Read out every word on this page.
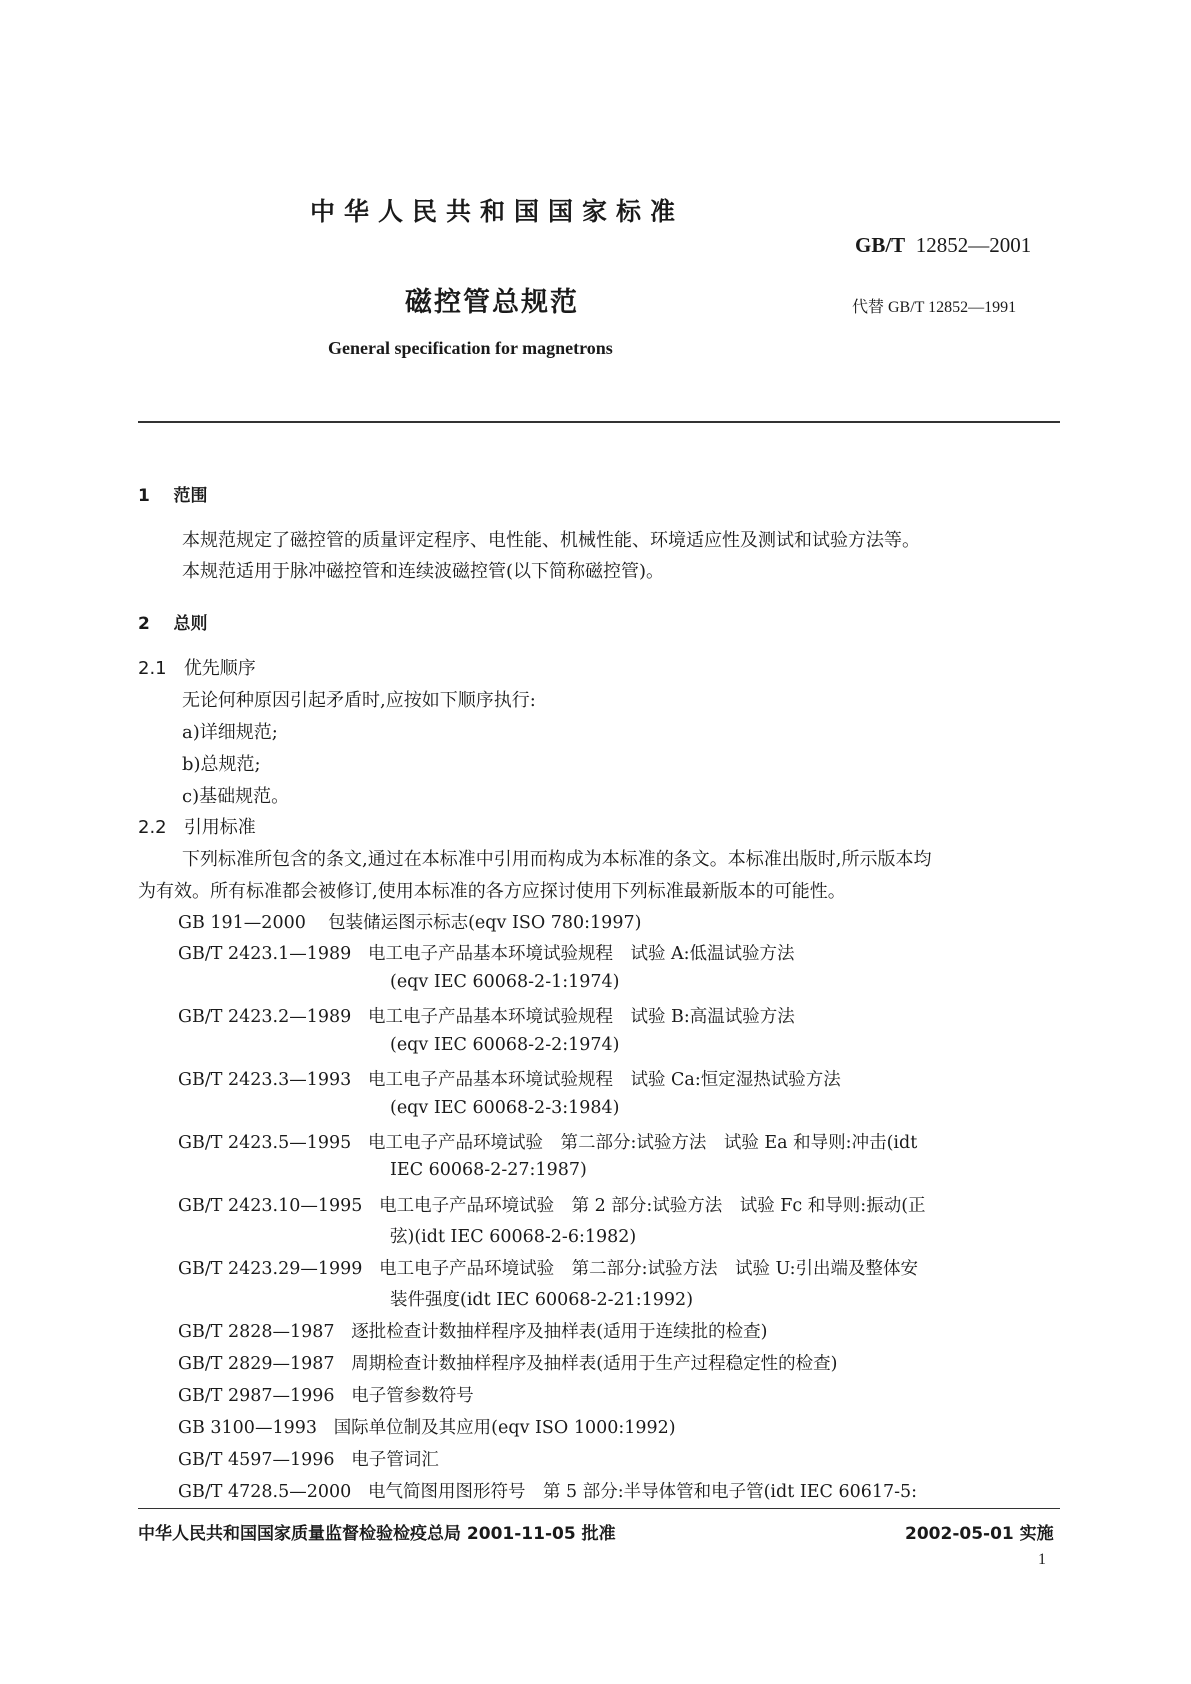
中华人民共和国国家标准
GB/T 12852—2001
磁控管总规范	代替 GB/T 12852—1991
General specification for magnetrons
1 范围
本规范规定了磁控管的质量评定程序、电性能、机械性能、环境适应性及测试和试验方法等。
本规范适用于脉冲磁控管和连续波磁控管(以下简称磁控管)。
2 总则
2.1 优先顺序
无论何种原因引起矛盾时,应按如下顺序执行:
a)详细规范;
b)总规范;
c)基础规范。
2.2 引用标准
下列标准所包含的条文,通过在本标准中引用而构成为本标准的条文。本标准出版时,所示版本均
为有效。所有标准都会被修订,使用本标准的各方应探讨使用下列标准最新版本的可能性。
GB 191—2000 包装储运图示标志(eqv ISO 780:1997)
GB/T 2423.1—1989 电工电子产品基本环境试验规程　试验 A:低温试验方法
(eqv IEC 60068-2-1:1974)
GB/T 2423.2—1989 电工电子产品基本环境试验规程　试验 B:高温试验方法
(eqv IEC 60068-2-2:1974)
GB/T 2423.3—1993 电工电子产品基本环境试验规程　试验 Ca:恒定湿热试验方法
(eqv IEC 60068-2-3:1984)
GB/T 2423.5—1995 电工电子产品环境试验　第二部分:试验方法　试验 Ea 和导则:冲击(idt
IEC 60068-2-27:1987)
GB/T 2423.10—1995 电工电子产品环境试验　第 2 部分:试验方法　试验 Fc 和导则:振动(正
弦)(idt IEC 60068-2-6:1982)
GB/T 2423.29—1999 电工电子产品环境试验　第二部分:试验方法　试验 U:引出端及整体安
装件强度(idt IEC 60068-2-21:1992)
GB/T 2828—1987 逐批检查计数抽样程序及抽样表(适用于连续批的检查)
GB/T 2829—1987 周期检查计数抽样程序及抽样表(适用于生产过程稳定性的检查)
GB/T 2987—1996 电子管参数符号
GB 3100—1993 国际单位制及其应用(eqv ISO 1000:1992)
GB/T 4597—1996 电子管词汇
GB/T 4728.5—2000 电气简图用图形符号　第 5 部分:半导体管和电子管(idt IEC 60617-5:
中华人民共和国国家质量监督检验检疫总局 2001-11-05 批准	2002-05-01 实施
1
